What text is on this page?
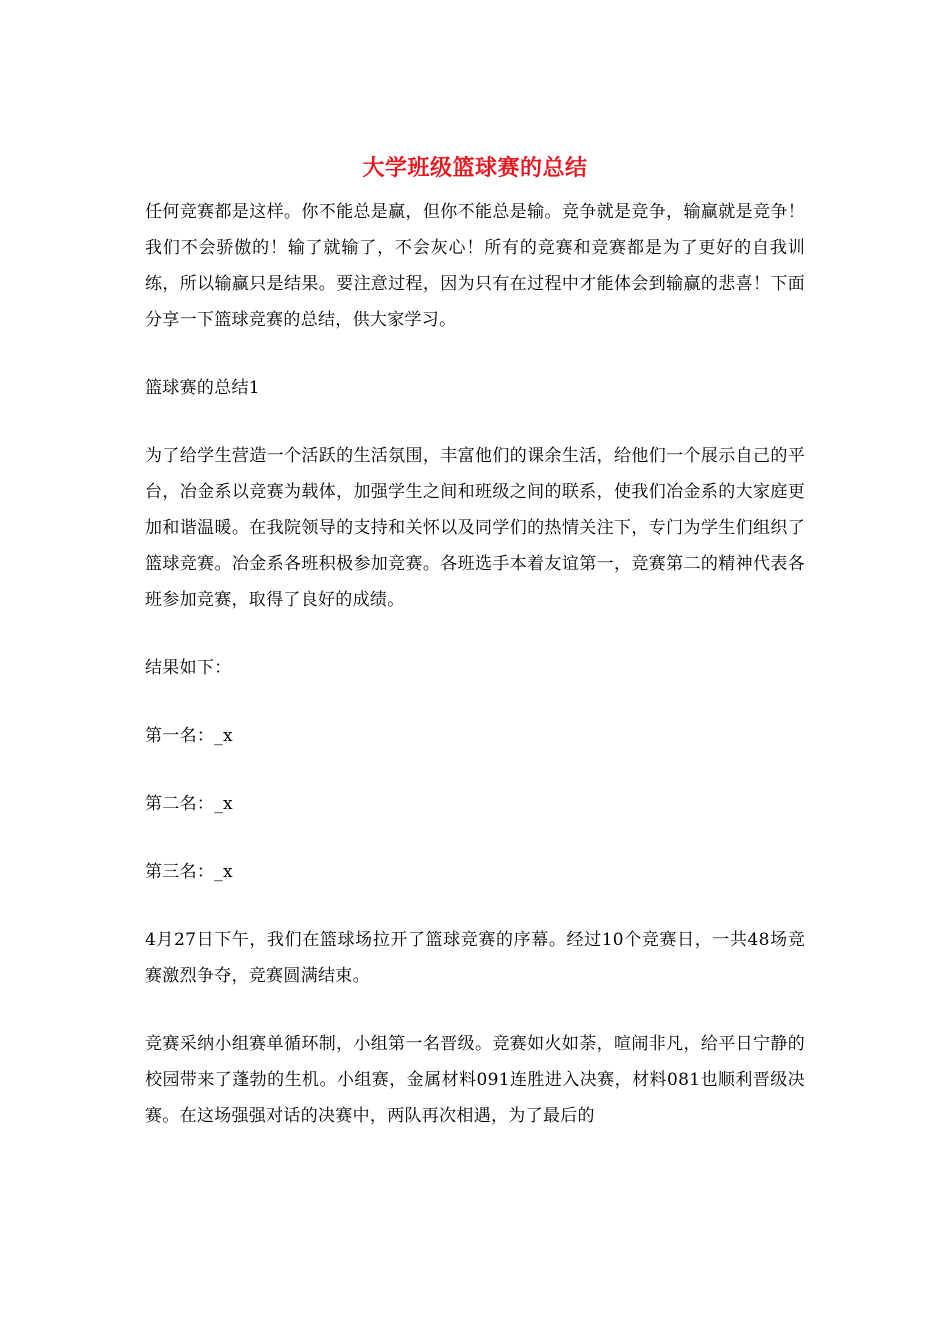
大学班级篮球赛的总结

任何竞赛都是这样。你不能总是赢，但你不能总是输。竞争就是竞争，输赢就是竞争！我们不会骄傲的！输了就输了，不会灰心！所有的竞赛和竞赛都是为了更好的自我训练，所以输赢只是结果。要注意过程，因为只有在过程中才能体会到输赢的悲喜！下面分享一下篮球竞赛的总结，供大家学习。

篮球赛的总结1

为了给学生营造一个活跃的生活氛围，丰富他们的课余生活，给他们一个展示自己的平台，冶金系以竞赛为载体，加强学生之间和班级之间的联系，使我们冶金系的大家庭更加和谐温暖。在我院领导的支持和关怀以及同学们的热情关注下，专门为学生们组织了篮球竞赛。冶金系各班积极参加竞赛。各班选手本着友谊第一，竞赛第二的精神代表各班参加竞赛，取得了良好的成绩。

结果如下：

第一名：_x

第二名：_x

第三名：_x

4月27日下午，我们在篮球场拉开了篮球竞赛的序幕。经过10个竞赛日，一共48场竞赛激烈争夺，竞赛圆满结束。

竞赛采纳小组赛单循环制，小组第一名晋级。竞赛如火如荼，喧闹非凡，给平日宁静的校园带来了蓬勃的生机。小组赛，金属材料091连胜进入决赛，材料081也顺利晋级决赛。在这场强强对话的决赛中，两队再次相遇，为了最后的
